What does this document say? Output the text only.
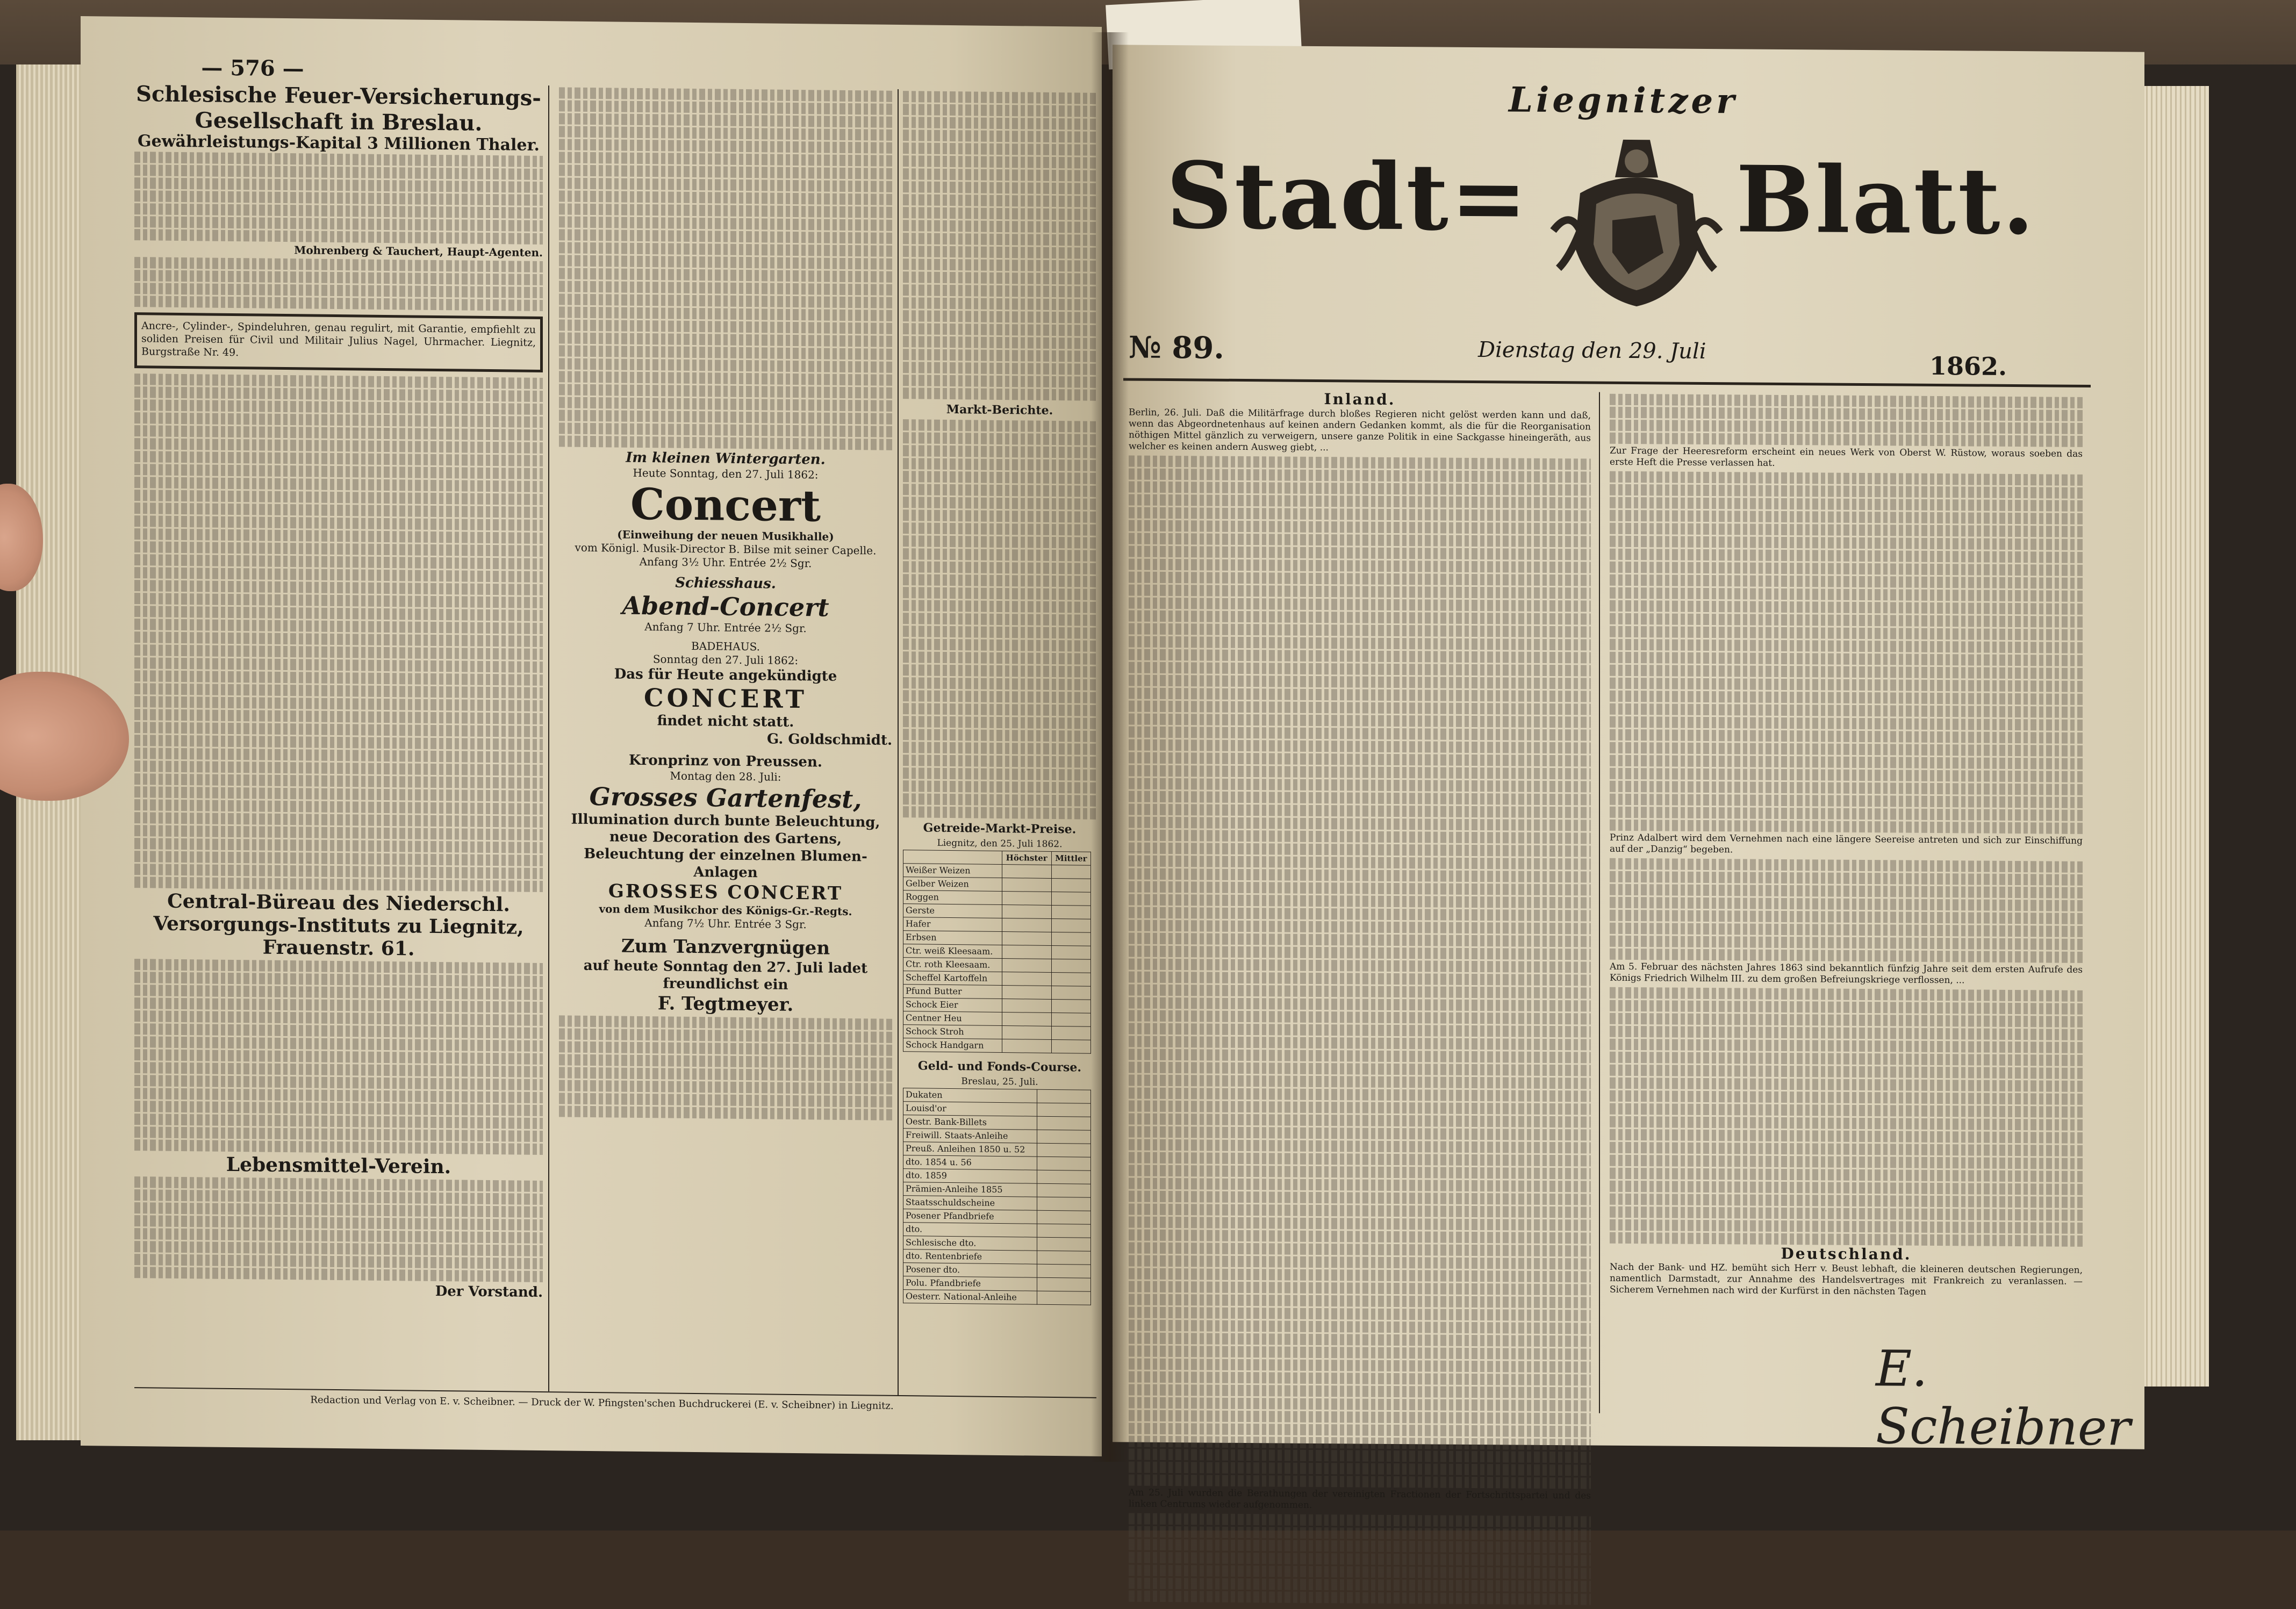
— 576 —
Schlesische Feuer-Versicherungs-Gesellschaft in Breslau.
Gewährleistungs-Kapital 3 Millionen Thaler.
Mohrenberg & Tauchert, Haupt-Agenten.
Ancre-, Cylinder-, Spindeluhren, genau regulirt, mit Garantie, empfiehlt zu soliden Preisen für Civil und Militair Julius Nagel, Uhrmacher. Liegnitz, Burgstraße Nr. 49.
Central-Büreau des Niederschl. Versorgungs-Instituts zu Liegnitz, Frauenstr. 61.
Lebensmittel-Verein.
Der Vorstand.
Im kleinen Wintergarten.
Heute Sonntag, den 27. Juli 1862:
Concert
(Einweihung der neuen Musikhalle)
vom Königl. Musik-Director B. Bilse mit seiner Capelle.
Anfang 3½ Uhr. Entrée 2½ Sgr.
Schiesshaus.
Abend-Concert
Anfang 7 Uhr. Entrée 2½ Sgr.
BADEHAUS.
Sonntag den 27. Juli 1862:
Das für Heute angekündigte
CONCERT
findet nicht statt.
G. Goldschmidt.
Kronprinz von Preussen.
Montag den 28. Juli:
Grosses Gartenfest,
Illumination durch bunte Beleuchtung, neue Decoration des Gartens, Beleuchtung der einzelnen Blumen-Anlagen
GROSSES CONCERT
von dem Musikchor des Königs-Gr.-Regts.
Anfang 7½ Uhr. Entrée 3 Sgr.
Zum Tanzvergnügen
auf heute Sonntag den 27. Juli ladet freundlichst ein
F. Tegtmeyer.
Markt-Berichte.
Getreide-Markt-Preise.
Liegnitz, den 25. Juli 1862.
	Höchster	Mittler
Weißer Weizen		
Gelber Weizen		
Roggen		
Gerste		
Hafer		
Erbsen		
Ctr. weiß Kleesaam.		
Ctr. roth Kleesaam.		
Scheffel Kartoffeln		
Pfund Butter		
Schock Eier		
Centner Heu		
Schock Stroh		
Schock Handgarn		
Geld- und Fonds-Course.
Breslau, 25. Juli.
Dukaten	
Louisd'or	
Oestr. Bank-Billets	
Freiwill. Staats-Anleihe	
Preuß. Anleihen 1850 u. 52	
dto. 1854 u. 56	
dto. 1859	
Prämien-Anleihe 1855	
Staatsschuldscheine	
Posener Pfandbriefe	
dto.	
Schlesische dto.	
dto. Rentenbriefe	
Posener dto.	
Polu. Pfandbriefe	
Oesterr. National-Anleihe	
Redaction und Verlag von E. v. Scheibner. — Druck der W. Pfingsten'schen Buchdruckerei (E. v. Scheibner) in Liegnitz.
Liegnitzer
Stadt= Blatt.
№ 89.	Dienstag den 29. Juli
1862.
Inland.
Berlin, 26. Juli. Daß die Militärfrage durch bloßes Regieren nicht gelöst werden kann und daß, wenn das Abgeordnetenhaus auf keinen andern Gedanken kommt, als die für die Reorganisation nöthigen Mittel gänzlich zu verweigern, unsere ganze Politik in eine Sackgasse hineingeräth, aus welcher es keinen andern Ausweg giebt, ...
Am 25. Juli wurden die Berathungen der vereinigten Fractionen der Fortschrittspartei und des linken Centrums wieder aufgenommen.
Zur Frage der Heeresreform erscheint ein neues Werk von Oberst W. Rüstow, woraus soeben das erste Heft die Presse verlassen hat.
Prinz Adalbert wird dem Vernehmen nach eine längere Seereise antreten und sich zur Einschiffung auf der „Danzig“ begeben.
Am 5. Februar des nächsten Jahres 1863 sind bekanntlich fünfzig Jahre seit dem ersten Aufrufe des Königs Friedrich Wilhelm III. zu dem großen Befreiungskriege verflossen, ...
Deutschland.
Nach der Bank- und HZ. bemüht sich Herr v. Beust lebhaft, die kleineren deutschen Regierungen, namentlich Darmstadt, zur Annahme des Handelsvertrages mit Frankreich zu veranlassen. — Sicherem Vernehmen nach wird der Kurfürst in den nächsten Tagen
E. Scheibner
